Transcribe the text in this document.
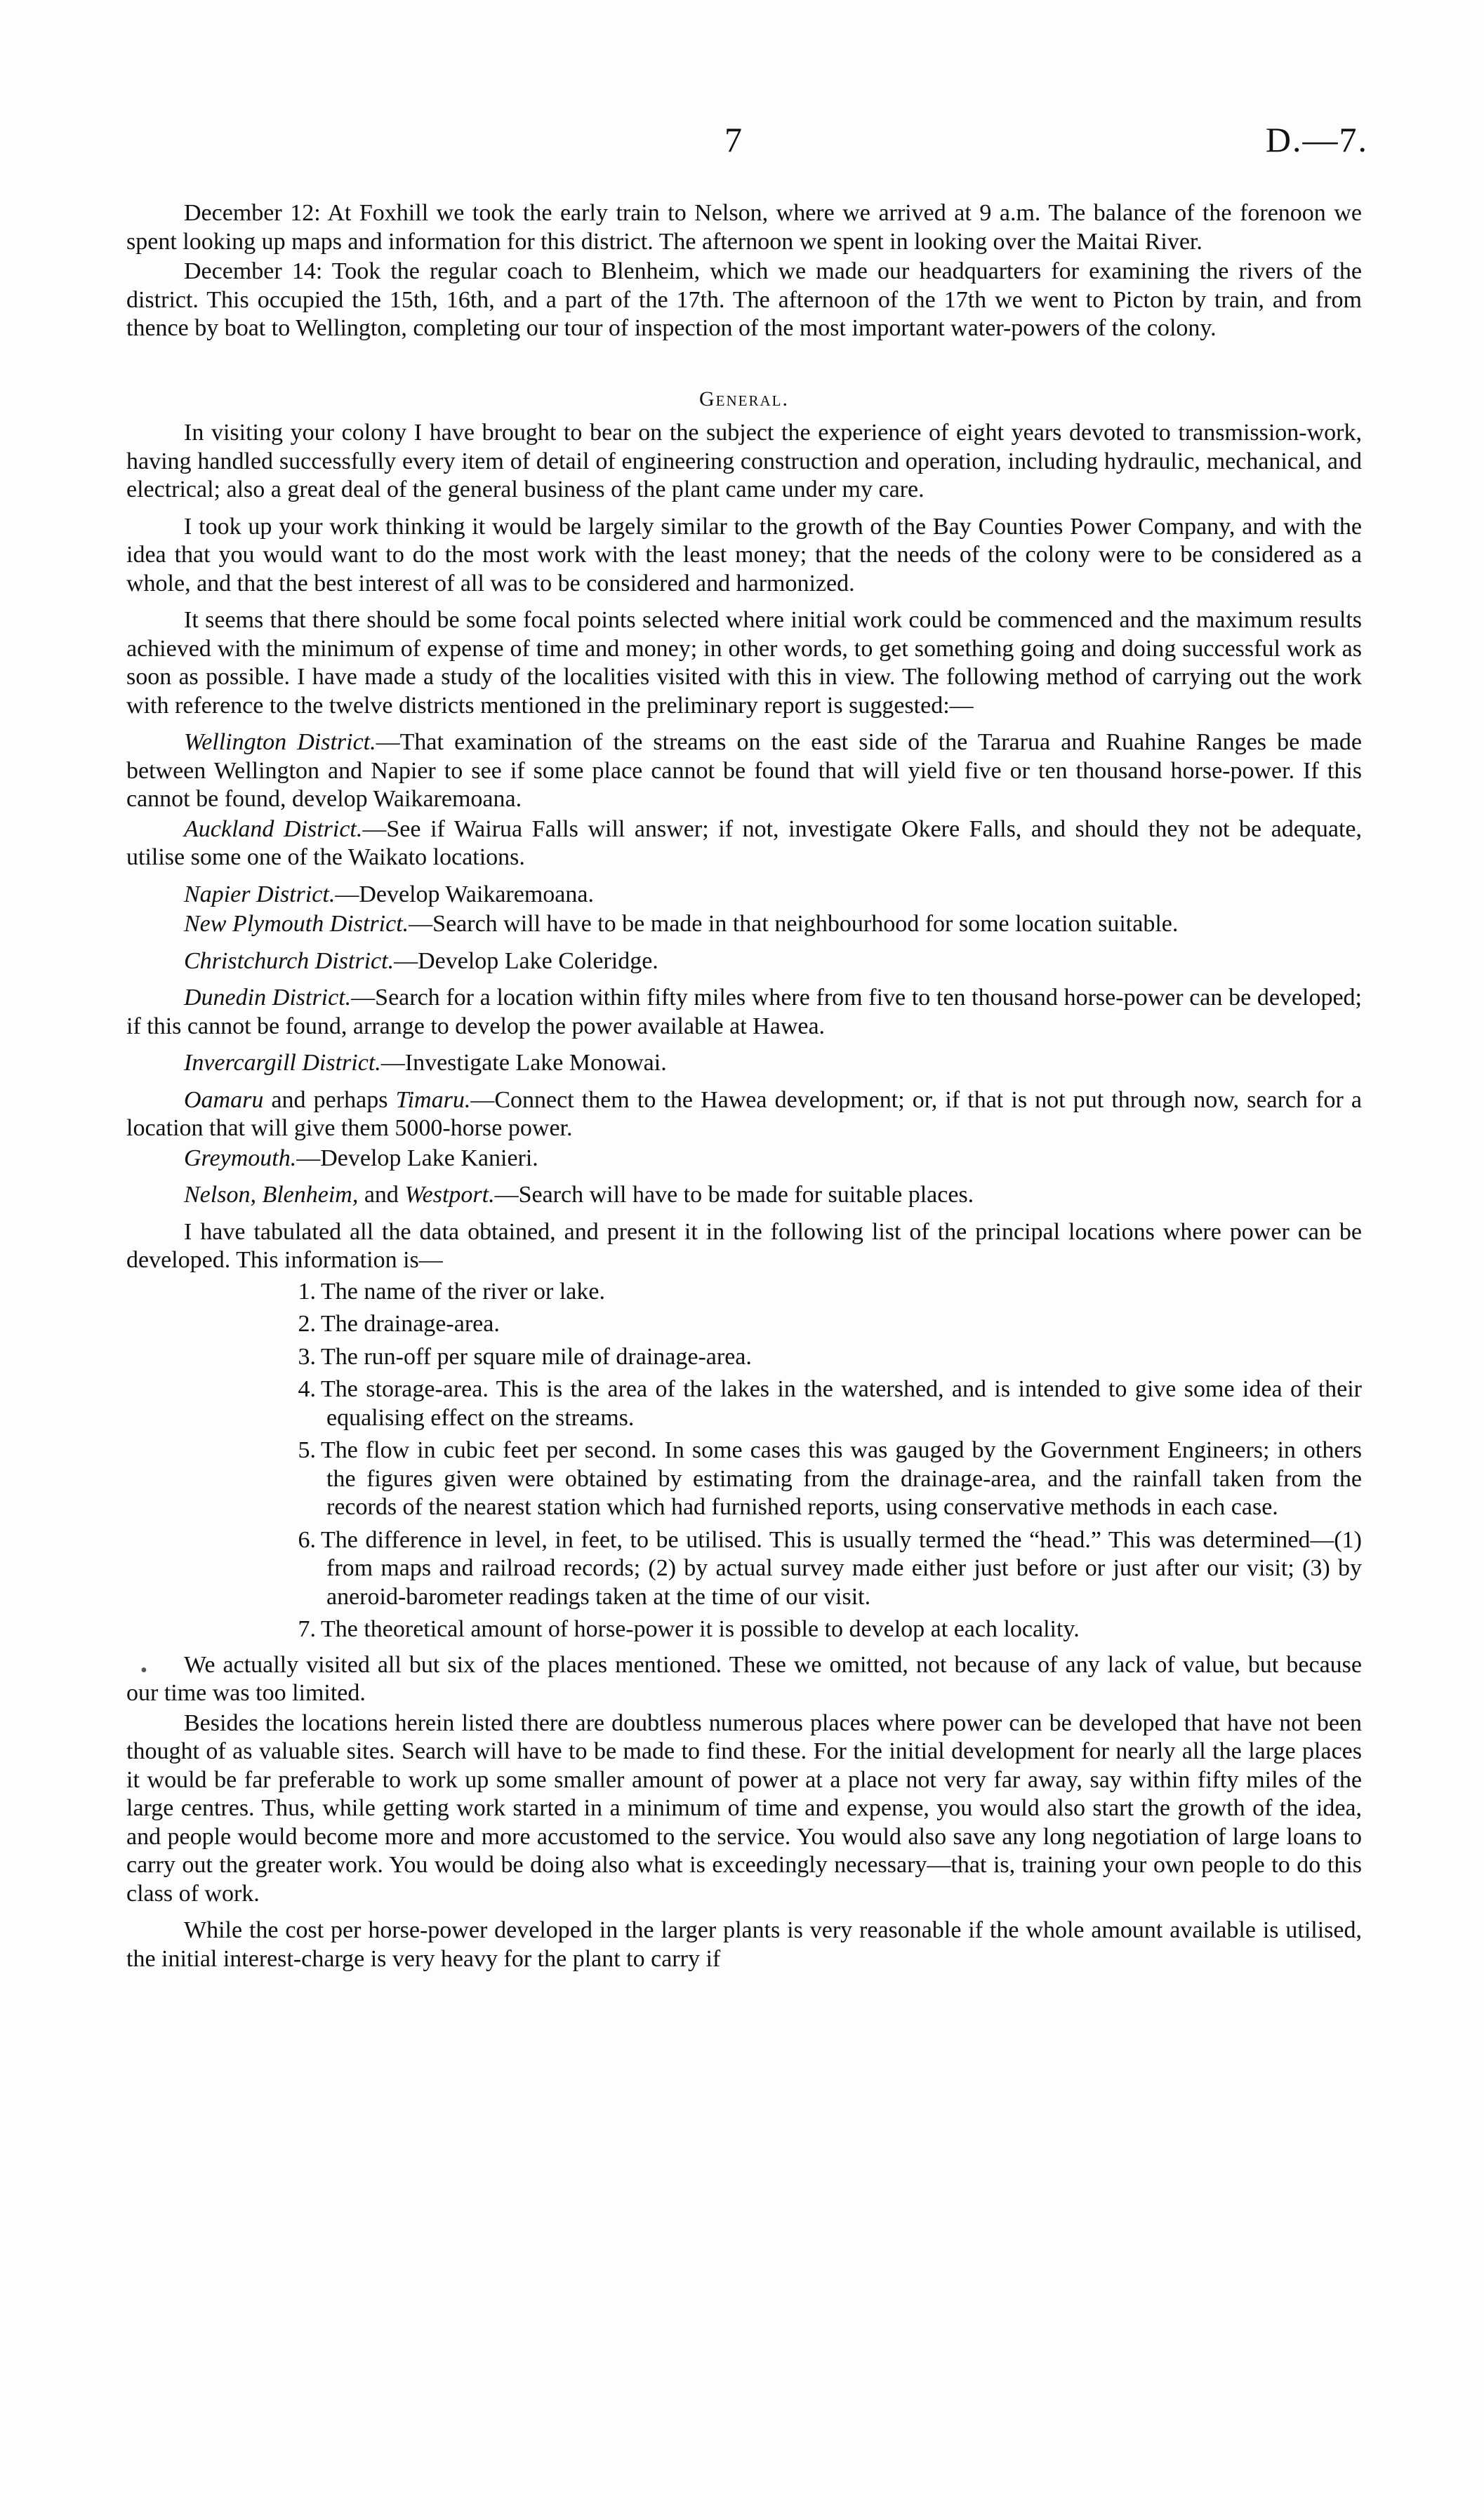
7	D.—7.

December 12: At Foxhill we took the early train to Nelson, where we arrived at 9 a.m. The balance of the forenoon we spent looking up maps and information for this district. The afternoon we spent in looking over the Maitai River.

December 14: Took the regular coach to Blenheim, which we made our headquarters for examining the rivers of the district. This occupied the 15th, 16th, and a part of the 17th. The afternoon of the 17th we went to Picton by train, and from thence by boat to Wellington, completing our tour of inspection of the most important water-powers of the colony.

General.

In visiting your colony I have brought to bear on the subject the experience of eight years devoted to transmission-work, having handled successfully every item of detail of engineering construction and operation, including hydraulic, mechanical, and electrical; also a great deal of the general business of the plant came under my care.

I took up your work thinking it would be largely similar to the growth of the Bay Counties Power Company, and with the idea that you would want to do the most work with the least money; that the needs of the colony were to be considered as a whole, and that the best interest of all was to be considered and harmonized.

It seems that there should be some focal points selected where initial work could be commenced and the maximum results achieved with the minimum of expense of time and money; in other words, to get something going and doing successful work as soon as possible. I have made a study of the localities visited with this in view. The following method of carrying out the work with reference to the twelve districts mentioned in the preliminary report is suggested:—

Wellington District.—That examination of the streams on the east side of the Tararua and Ruahine Ranges be made between Wellington and Napier to see if some place cannot be found that will yield five or ten thousand horse-power. If this cannot be found, develop Waikaremoana.

Auckland District.—See if Wairua Falls will answer; if not, investigate Okere Falls, and should they not be adequate, utilise some one of the Waikato locations.

Napier District.—Develop Waikaremoana.

New Plymouth District.—Search will have to be made in that neighbourhood for some location suitable.

Christchurch District.—Develop Lake Coleridge.

Dunedin District.—Search for a location within fifty miles where from five to ten thousand horse-power can be developed; if this cannot be found, arrange to develop the power available at Hawea.

Invercargill District.—Investigate Lake Monowai.

Oamaru and perhaps Timaru.—Connect them to the Hawea development; or, if that is not put through now, search for a location that will give them 5000-horse power.

Greymouth.—Develop Lake Kanieri.

Nelson, Blenheim, and Westport.—Search will have to be made for suitable places.

I have tabulated all the data obtained, and present it in the following list of the principal locations where power can be developed. This information is—

1. The name of the river or lake.
2. The drainage-area.
3. The run-off per square mile of drainage-area.
4. The storage-area. This is the area of the lakes in the watershed, and is intended to give some idea of their equalising effect on the streams.
5. The flow in cubic feet per second. In some cases this was gauged by the Government Engineers; in others the figures given were obtained by estimating from the drainage-area, and the rainfall taken from the records of the nearest station which had furnished reports, using conservative methods in each case.
6. The difference in level, in feet, to be utilised. This is usually termed the “head.” This was determined—(1) from maps and railroad records; (2) by actual survey made either just before or just after our visit; (3) by aneroid-barometer readings taken at the time of our visit.
7. The theoretical amount of horse-power it is possible to develop at each locality.

We actually visited all but six of the places mentioned. These we omitted, not because of any lack of value, but because our time was too limited.

Besides the locations herein listed there are doubtless numerous places where power can be developed that have not been thought of as valuable sites. Search will have to be made to find these. For the initial development for nearly all the large places it would be far preferable to work up some smaller amount of power at a place not very far away, say within fifty miles of the large centres. Thus, while getting work started in a minimum of time and expense, you would also start the growth of the idea, and people would become more and more accustomed to the service. You would also save any long negotiation of large loans to carry out the greater work. You would be doing also what is exceedingly necessary—that is, training your own people to do this class of work.

While the cost per horse-power developed in the larger plants is very reasonable if the whole amount available is utilised, the initial interest-charge is very heavy for the plant to carry if

•
